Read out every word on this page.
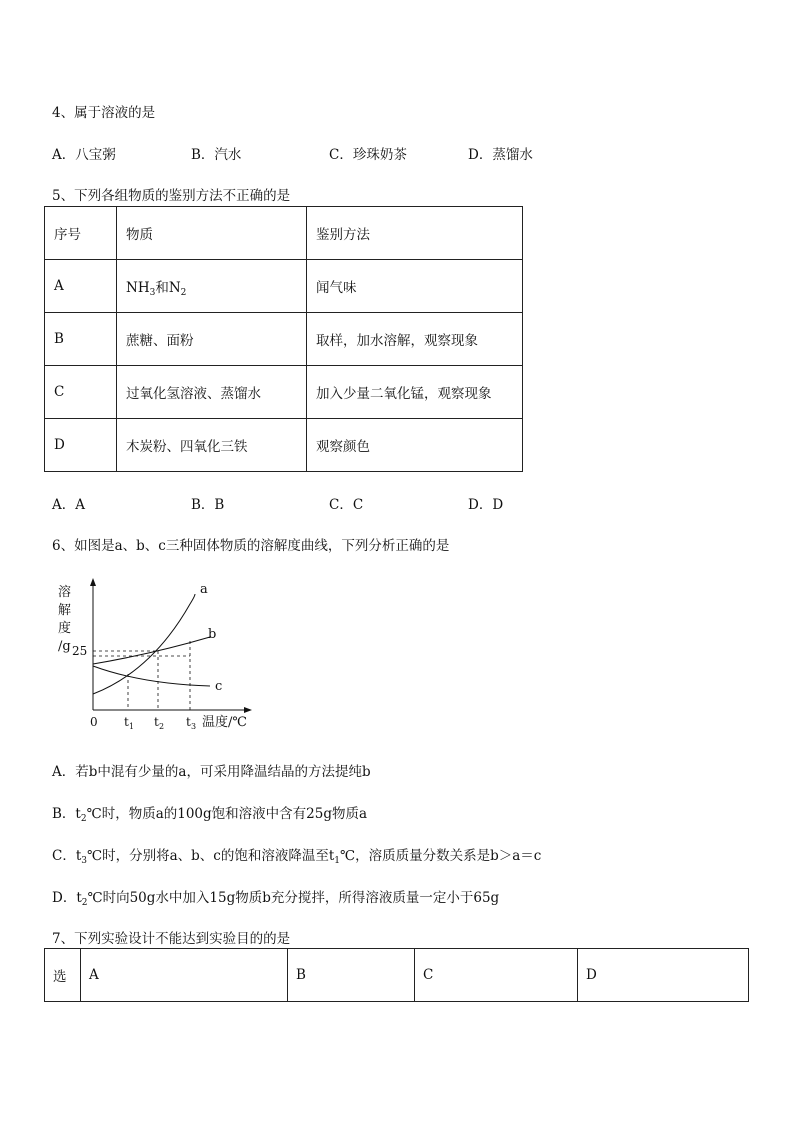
4、属于溶液的是
A．八宝粥	B．汽水	C．珍珠奶茶	D．蒸馏水
5、下列各组物质的鉴别方法不正确的是
序号	物质	鉴别方法
A	$NH_3$和$N_2$	闻气味
B	蔗糖、面粉	取样，加水溶解，观察现象
C	过氧化氢溶液、蒸馏水	加入少量二氧化锰，观察现象
D	木炭粉、四氧化三铁	观察颜色
A．A	B．B	C．C	D．D
6、如图是a、b、c三种固体物质的溶解度曲线，下列分析正确的是
溶
解
度
/g 25
a
b
c
0 t 1 t 2 t 3 温度/℃
A．若b中混有少量的a，可采用降温结晶的方法提纯b
B．$t_2℃$时，物质a的100g饱和溶液中含有25g物质a
C．$t_3℃$时，分别将a、b、c的饱和溶液降温至$t_1℃$，溶质质量分数关系是b＞a＝c
D．$t_2℃$时向50g水中加入15g物质b充分搅拌，所得溶液质量一定小于65g
7、下列实验设计不能达到实验目的的是
选	A	B	C	D
